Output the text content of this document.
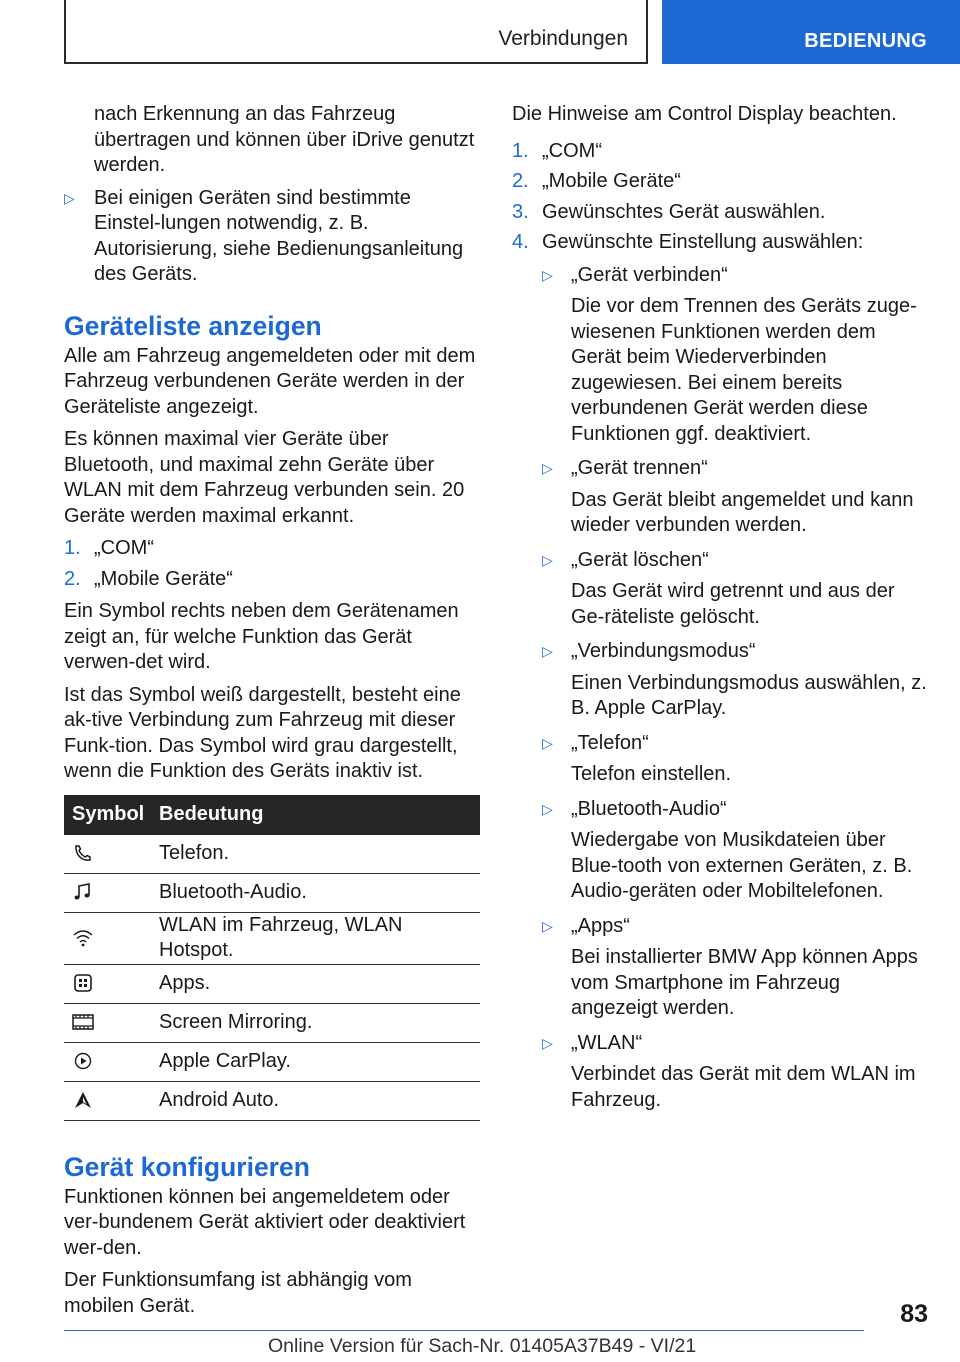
Verbindungen	BEDIENUNG

nach Erkennung an das Fahrzeug übertragen und können über iDrive genutzt werden.

▷ Bei einigen Geräten sind bestimmte Einstel-lungen notwendig, z. B. Autorisierung, siehe Bedienungsanleitung des Geräts.
Geräteliste anzeigen

Alle am Fahrzeug angemeldeten oder mit dem Fahrzeug verbundenen Geräte werden in der Geräteliste angezeigt.

Es können maximal vier Geräte über Bluetooth, und maximal zehn Geräte über WLAN mit dem Fahrzeug verbunden sein. 20 Geräte werden maximal erkannt.

1. „COM“
2. „Mobile Geräte“

Ein Symbol rechts neben dem Gerätenamen zeigt an, für welche Funktion das Gerät verwen-det wird.

Ist das Symbol weiß dargestellt, besteht eine ak-tive Verbindung zum Fahrzeug mit dieser Funk-tion. Das Symbol wird grau dargestellt, wenn die Funktion des Geräts inaktiv ist.

Symbol	Bedeutung

	Telefon.

	Bluetooth-Audio.

	WLAN im Fahrzeug, WLAN Hotspot.

	Apps.

	Screen Mirroring.

	Apple CarPlay.

	Android Auto.
Gerät konfigurieren

Funktionen können bei angemeldetem oder ver-bundenem Gerät aktiviert oder deaktiviert wer-den.

Der Funktionsumfang ist abhängig vom mobilen Gerät.

Die Hinweise am Control Display beachten.

1. „COM“
2. „Mobile Geräte“
3. Gewünschtes Gerät auswählen.
4. Gewünschte Einstellung auswählen:
▷ „Gerät verbinden“
Die vor dem Trennen des Geräts zuge-wiesenen Funktionen werden dem Gerät beim Wiederverbinden zugewiesen. Bei einem bereits verbundenen Gerät werden diese Funktionen ggf. deaktiviert.
▷ „Gerät trennen“
Das Gerät bleibt angemeldet und kann wieder verbunden werden.
▷ „Gerät löschen“
Das Gerät wird getrennt und aus der Ge-räteliste gelöscht.
▷ „Verbindungsmodus“
Einen Verbindungsmodus auswählen, z. B. Apple CarPlay.
▷ „Telefon“
Telefon einstellen.
▷ „Bluetooth-Audio“
Wiedergabe von Musikdateien über Blue-tooth von externen Geräten, z. B. Audio-geräten oder Mobiltelefonen.
▷ „Apps“
Bei installierter BMW App können Apps vom Smartphone im Fahrzeug angezeigt werden.
▷ „WLAN“
Verbindet das Gerät mit dem WLAN im Fahrzeug.
83
Online Version für Sach-Nr. 01405A37B49 - VI/21
